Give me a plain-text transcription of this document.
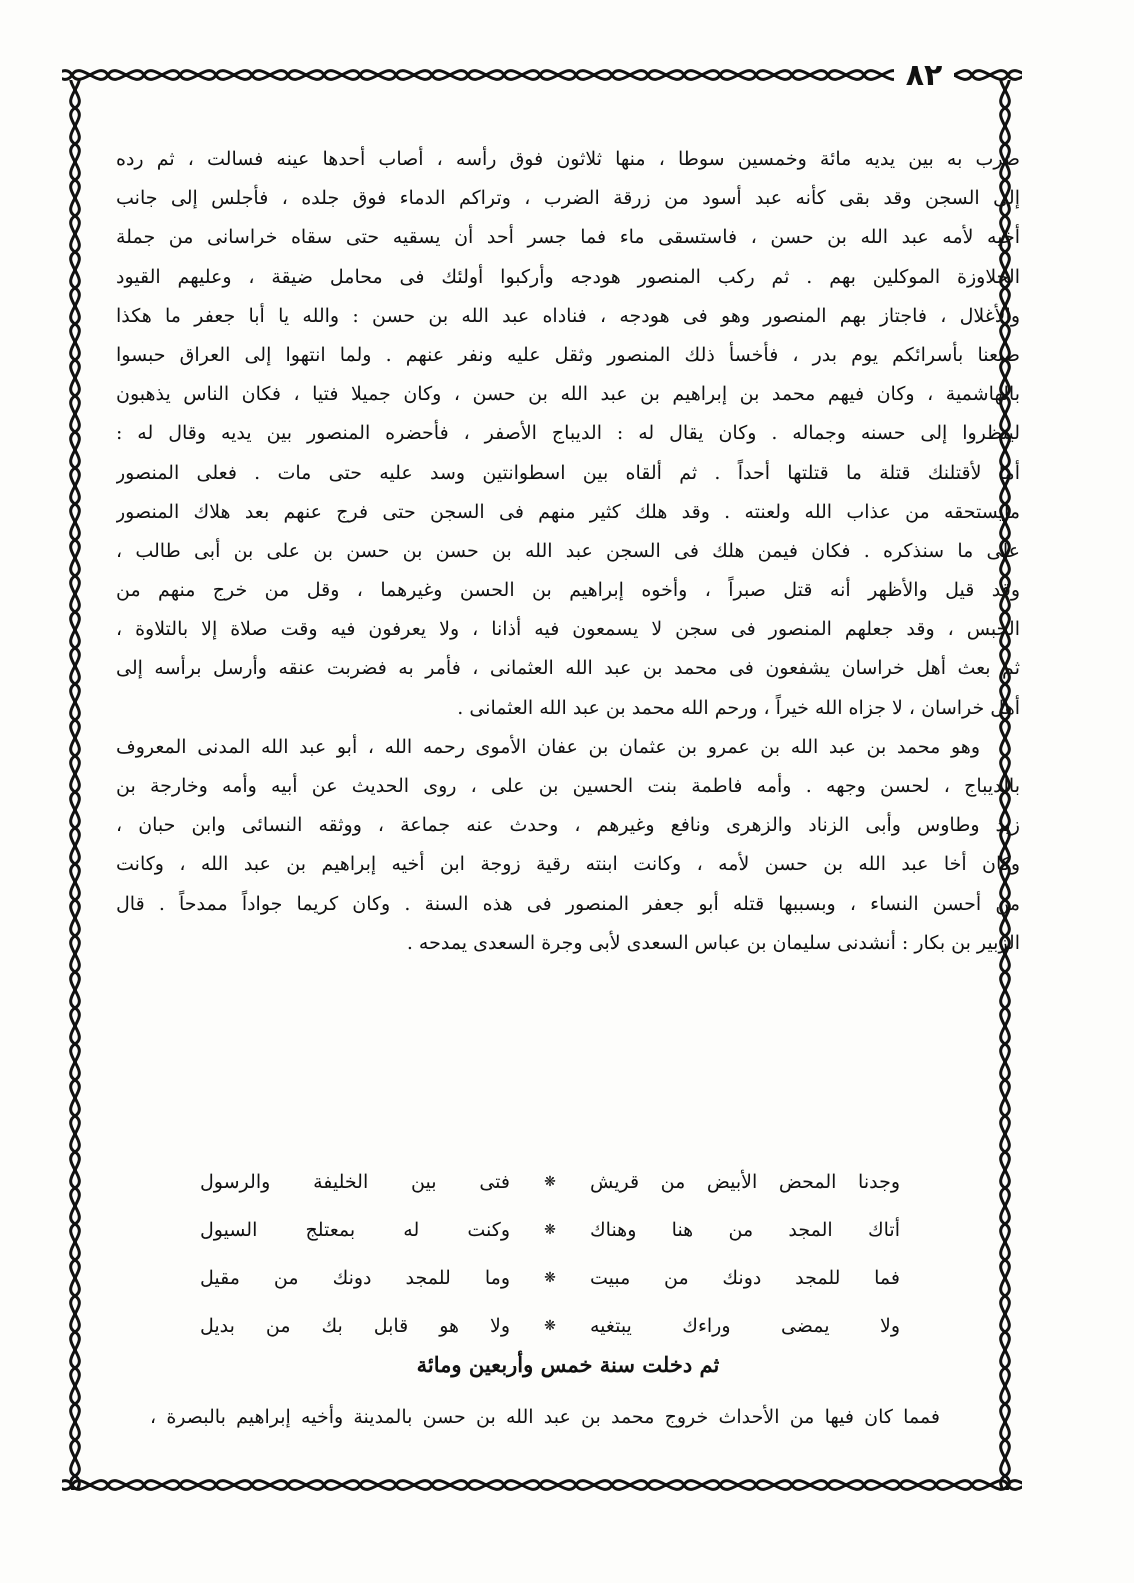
٨٢
ضرب به بين يديه مائة وخمسين سوطا ، منها ثلاثون فوق رأسه ، أصاب أحدها عينه فسالت ، ثم رده
إلى السجن وقد بقى كأنه عبد أسود من زرقة الضرب ، وتراكم الدماء فوق جلده ، فأجلس إلى جانب
أخيه لأمه عبد الله بن حسن ، فاستسقى ماء فما جسر أحد أن يسقيه حتى سقاه خراسانى من جملة
الجلاوزة الموكلين بهم . ثم ركب المنصور هودجه وأركبوا أولئك فى محامل ضيقة ، وعليهم القيود
والأغلال ، فاجتاز بهم المنصور وهو فى هودجه ، فناداه عبد الله بن حسن : والله يا أبا جعفر ما هكذا
صنعنا بأسرائكم يوم بدر ، فأخسأ ذلك المنصور وثقل عليه ونفر عنهم . ولما انتهوا إلى العراق حبسوا
بالهاشمية ، وكان فيهم محمد بن إبراهيم بن عبد الله بن حسن ، وكان جميلا فتيا ، فكان الناس يذهبون
لينظروا إلى حسنه وجماله . وكان يقال له : الديباج الأصفر ، فأحضره المنصور بين يديه وقال له :
أما لأقتلنك قتلة ما قتلتها أحداً . ثم ألقاه بين اسطوانتين وسد عليه حتى مات . فعلى المنصور
مايستحقه من عذاب الله ولعنته . وقد هلك كثير منهم فى السجن حتى فرج عنهم بعد هلاك المنصور
على ما سنذكره . فكان فيمن هلك فى السجن عبد الله بن حسن بن حسن بن على بن أبى طالب ،
وقد قيل والأظهر أنه قتل صبراً ، وأخوه إبراهيم بن الحسن وغيرهما ، وقل من خرج منهم من
الحبس ، وقد جعلهم المنصور فى سجن لا يسمعون فيه أذانا ، ولا يعرفون فيه وقت صلاة إلا بالتلاوة ،
ثم بعث أهل خراسان يشفعون فى محمد بن عبد الله العثمانى ، فأمر به فضربت عنقه وأرسل برأسه إلى
أهل خراسان ، لا جزاه الله خيراً ، ورحم الله محمد بن عبد الله العثمانى .
وهو محمد بن عبد الله بن عمرو بن عثمان بن عفان الأموى رحمه الله ، أبو عبد الله المدنى المعروف
بالديباج ، لحسن وجهه . وأمه فاطمة بنت الحسين بن على ، روى الحديث عن أبيه وأمه وخارجة بن
زيد وطاوس وأبى الزناد والزهرى ونافع وغيرهم ، وحدث عنه جماعة ، ووثقه النسائى وابن حبان ،
وكان أخا عبد الله بن حسن لأمه ، وكانت ابنته رقية زوجة ابن أخيه إبراهيم بن عبد الله ، وكانت
من أحسن النساء ، وبسببها قتله أبو جعفر المنصور فى هذه السنة . وكان كريما جواداً ممدحاً . قال
الزبير بن بكار : أنشدنى سليمان بن عباس السعدى لأبى وجرة السعدى يمدحه .
وجدنا المحض الأبيض من قريش
❋
فتى بين الخليفة والرسول
أتاك المجد من هنا وهناك
❋
وكنت له بمعتلج السيول
فما للمجد دونك من مبيت
❋
وما للمجد دونك من مقيل
ولا يمضى وراءك يبتغيه
❋
ولا هو قابل بك من بديل
ثم دخلت سنة خمس وأربعين ومائة
فمما كان فيها من الأحداث خروج محمد بن عبد الله بن حسن بالمدينة وأخيه إبراهيم بالبصرة ،
